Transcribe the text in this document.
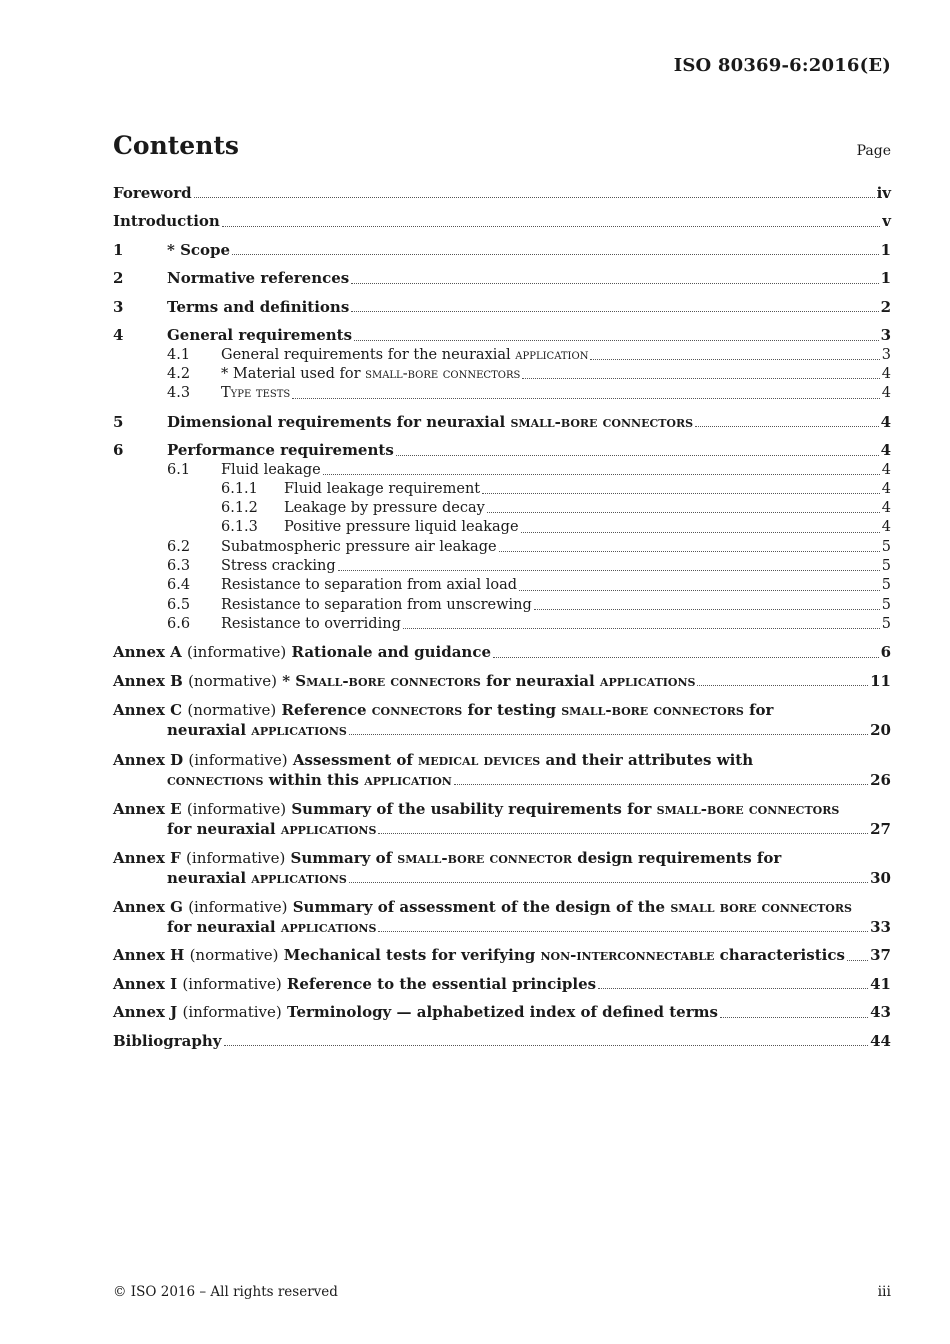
ISO 80369-6:2016(E)
Contents	Page
Foreword	iv
Introduction	v
1	* Scope	1
2	Normative references	1
3	Terms and definitions	2
4	General requirements	3
4.1	General requirements for the neuraxial application	3
4.2	* Material used for small-bore connectors	4
4.3	Type tests	4
5	Dimensional requirements for neuraxial small-bore connectors	4
6	Performance requirements	4
6.1	Fluid leakage	4
6.1.1	Fluid leakage requirement	4
6.1.2	Leakage by pressure decay	4
6.1.3	Positive pressure liquid leakage	4
6.2	Subatmospheric pressure air leakage	5
6.3	Stress cracking	5
6.4	Resistance to separation from axial load	5
6.5	Resistance to separation from unscrewing	5
6.6	Resistance to overriding	5
Annex A (informative) Rationale and guidance	6
Annex B (normative) * Small-bore connectors for neuraxial applications	11
Annex C (normative) Reference connectors for testing small-bore connectors for
neuraxial applications	20
Annex D (informative) Assessment of medical devices and their attributes with
connections within this application	26
Annex E (informative) Summary of the usability requirements for small-bore connectors
for neuraxial applications	27
Annex F (informative) Summary of small-bore connector design requirements for
neuraxial applications	30
Annex G (informative) Summary of assessment of the design of the small bore connectors
for neuraxial applications	33
Annex H (normative) Mechanical tests for verifying non-interconnectable characteristics 37
Annex I (informative) Reference to the essential principles	41
Annex J (informative) Terminology — alphabetized index of defined terms	43
Bibliography	44
© ISO 2016 – All rights reserved	iii
